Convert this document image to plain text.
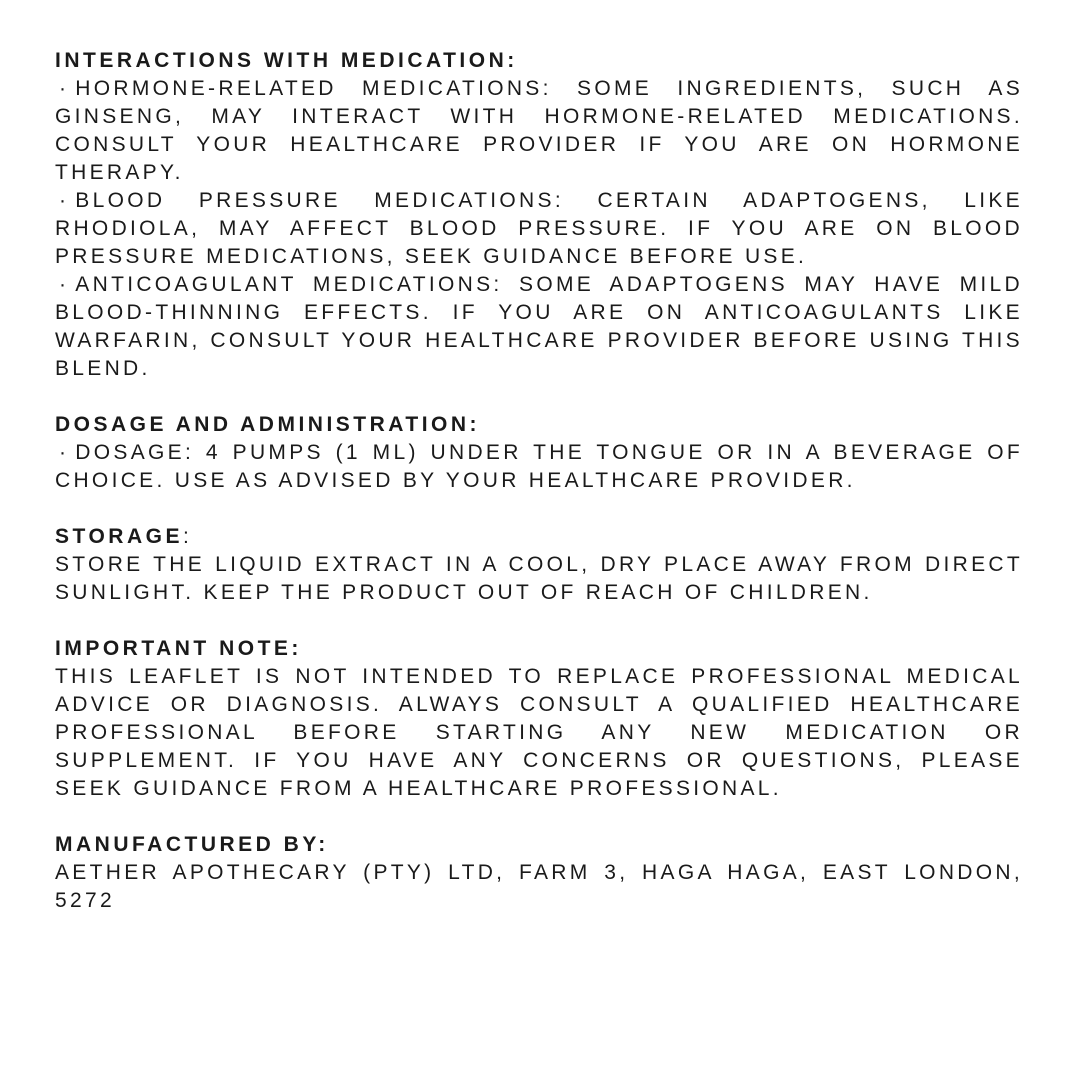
INTERACTIONS WITH MEDICATION:

· HORMONE-RELATED MEDICATIONS: SOME INGREDIENTS, SUCH AS GINSENG, MAY INTERACT WITH HORMONE-RELATED MEDICATIONS. CONSULT YOUR HEALTHCARE PROVIDER IF YOU ARE ON HORMONE THERAPY.

· BLOOD PRESSURE MEDICATIONS: CERTAIN ADAPTOGENS, LIKE RHODIOLA, MAY AFFECT BLOOD PRESSURE. IF YOU ARE ON BLOOD PRESSURE MEDICATIONS, SEEK GUIDANCE BEFORE USE.

· ANTICOAGULANT MEDICATIONS: SOME ADAPTOGENS MAY HAVE MILD BLOOD-THINNING EFFECTS. IF YOU ARE ON ANTICOAGULANTS LIKE WARFARIN, CONSULT YOUR HEALTHCARE PROVIDER BEFORE USING THIS BLEND.

DOSAGE AND ADMINISTRATION:

· DOSAGE: 4 PUMPS (1 ML) UNDER THE TONGUE OR IN A BEVERAGE OF CHOICE. USE AS ADVISED BY YOUR HEALTHCARE PROVIDER.

STORAGE:

STORE THE LIQUID EXTRACT IN A COOL, DRY PLACE AWAY FROM DIRECT SUNLIGHT. KEEP THE PRODUCT OUT OF REACH OF CHILDREN.

IMPORTANT NOTE:

THIS LEAFLET IS NOT INTENDED TO REPLACE PROFESSIONAL MEDICAL ADVICE OR DIAGNOSIS. ALWAYS CONSULT A QUALIFIED HEALTHCARE PROFESSIONAL BEFORE STARTING ANY NEW MEDICATION OR SUPPLEMENT. IF YOU HAVE ANY CONCERNS OR QUESTIONS, PLEASE SEEK GUIDANCE FROM A HEALTHCARE PROFESSIONAL.

MANUFACTURED BY:

AETHER APOTHECARY (PTY) LTD, FARM 3, HAGA HAGA, EAST LONDON, 5272
